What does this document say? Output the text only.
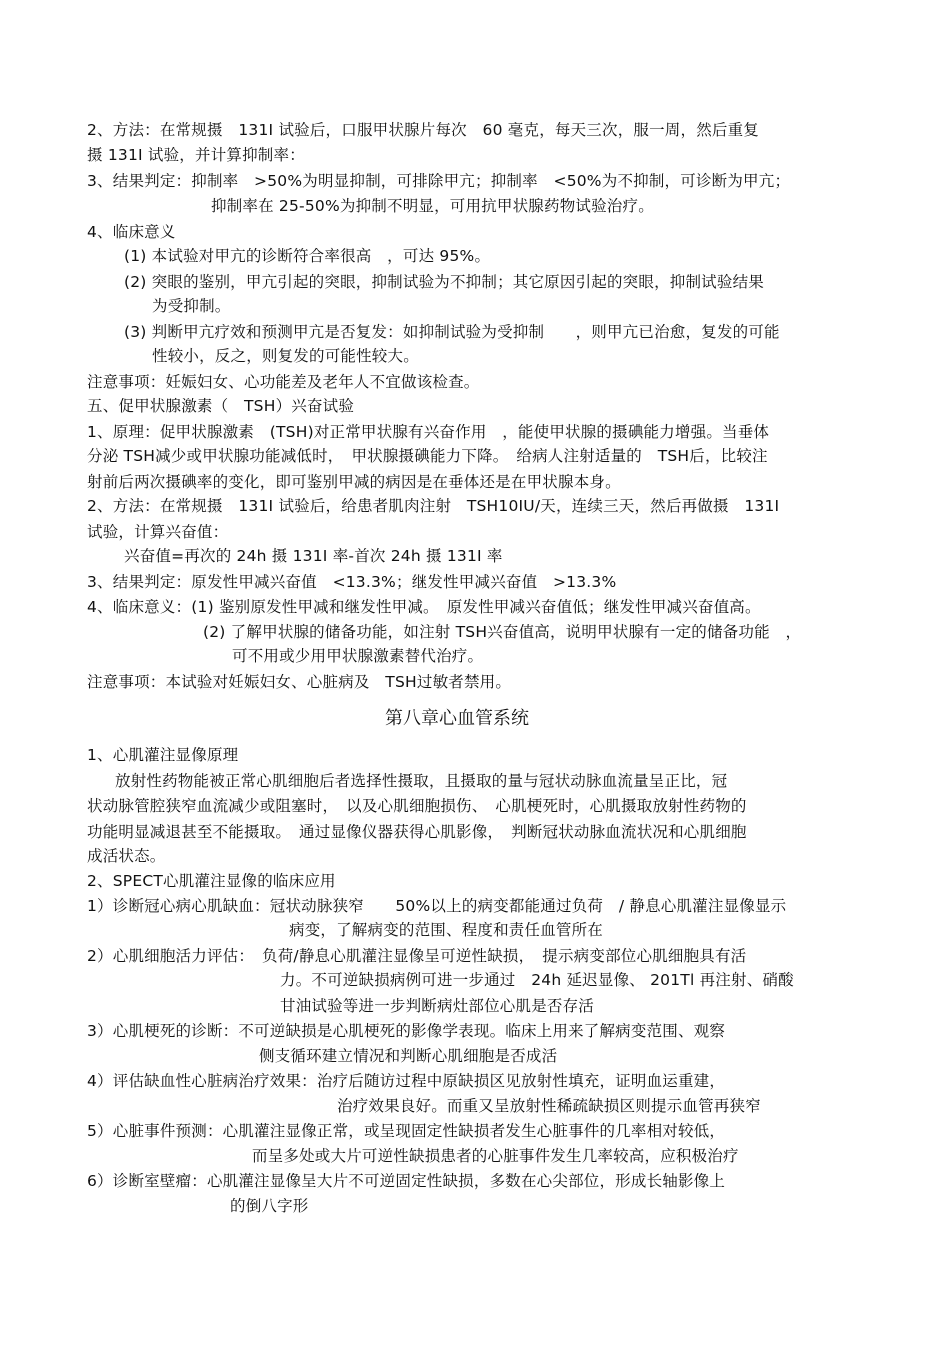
2、方法：在常规摄　131I 试验后，口服甲状腺片每次　60 毫克，每天三次，服一周，然后重复
摄 131I 试验，并计算抑制率：
3、结果判定：抑制率　>50%为明显抑制，可排除甲亢；抑制率　<50%为不抑制，可诊断为甲亢；
抑制率在 25-50%为抑制不明显，可用抗甲状腺药物试验治疗。
4、临床意义
(1) 本试验对甲亢的诊断符合率很高　，可达 95%。
(2) 突眼的鉴别，甲亢引起的突眼，抑制试验为不抑制；其它原因引起的突眼，抑制试验结果
为受抑制。
(3) 判断甲亢疗效和预测甲亢是否复发：如抑制试验为受抑制　　，则甲亢已治愈，复发的可能
性较小，反之，则复发的可能性较大。
注意事项：妊娠妇女、心功能差及老年人不宜做该检查。
五、促甲状腺激素（　TSH）兴奋试验
1、原理：促甲状腺激素　(TSH)对正常甲状腺有兴奋作用　，能使甲状腺的摄碘能力增强。当垂体
分泌 TSH减少或甲状腺功能减低时，　甲状腺摄碘能力下降。　给病人注射适量的　TSH后，比较注
射前后两次摄碘率的变化，即可鉴别甲减的病因是在垂体还是在甲状腺本身。
2、方法：在常规摄　131I 试验后，给患者肌肉注射　TSH10IU/天，连续三天，然后再做摄　131I
试验，计算兴奋值：
兴奋值=再次的 24h 摄 131I 率-首次 24h 摄 131I 率
3、结果判定：原发性甲减兴奋值　<13.3%；继发性甲减兴奋值　>13.3%
4、临床意义：(1) 鉴别原发性甲减和继发性甲减。　原发性甲减兴奋值低；继发性甲减兴奋值高。
(2) 了解甲状腺的储备功能，如注射 TSH兴奋值高，说明甲状腺有一定的储备功能　，
可不用或少用甲状腺激素替代治疗。
注意事项：本试验对妊娠妇女、心脏病及　TSH过敏者禁用。
第八章心血管系统
1、心肌灌注显像原理
放射性药物能被正常心肌细胞后者选择性摄取，且摄取的量与冠状动脉血流量呈正比，冠
状动脉管腔狭窄血流减少或阻塞时，　以及心肌细胞损伤、　心肌梗死时，心肌摄取放射性药物的
功能明显减退甚至不能摄取。　通过显像仪器获得心肌影像，　判断冠状动脉血流状况和心肌细胞
成活状态。
2、SPECT心肌灌注显像的临床应用
1）诊断冠心病心肌缺血：冠状动脉狭窄　　50%以上的病变都能通过负荷　/ 静息心肌灌注显像显示
病变，了解病变的范围、程度和责任血管所在
2）心肌细胞活力评估：　负荷/静息心肌灌注显像呈可逆性缺损，　提示病变部位心肌细胞具有活
力。不可逆缺损病例可进一步通过　24h 延迟显像、 201Tl 再注射、硝酸
甘油试验等进一步判断病灶部位心肌是否存活
3）心肌梗死的诊断：不可逆缺损是心肌梗死的影像学表现。临床上用来了解病变范围、观察
侧支循环建立情况和判断心肌细胞是否成活
4）评估缺血性心脏病治疗效果：治疗后随访过程中原缺损区见放射性填充，证明血运重建，
治疗效果良好。而重又呈放射性稀疏缺损区则提示血管再狭窄
5）心脏事件预测：心肌灌注显像正常，或呈现固定性缺损者发生心脏事件的几率相对较低，
而呈多处或大片可逆性缺损患者的心脏事件发生几率较高，应积极治疗
6）诊断室壁瘤：心肌灌注显像呈大片不可逆固定性缺损，多数在心尖部位，形成长轴影像上
的倒八字形
